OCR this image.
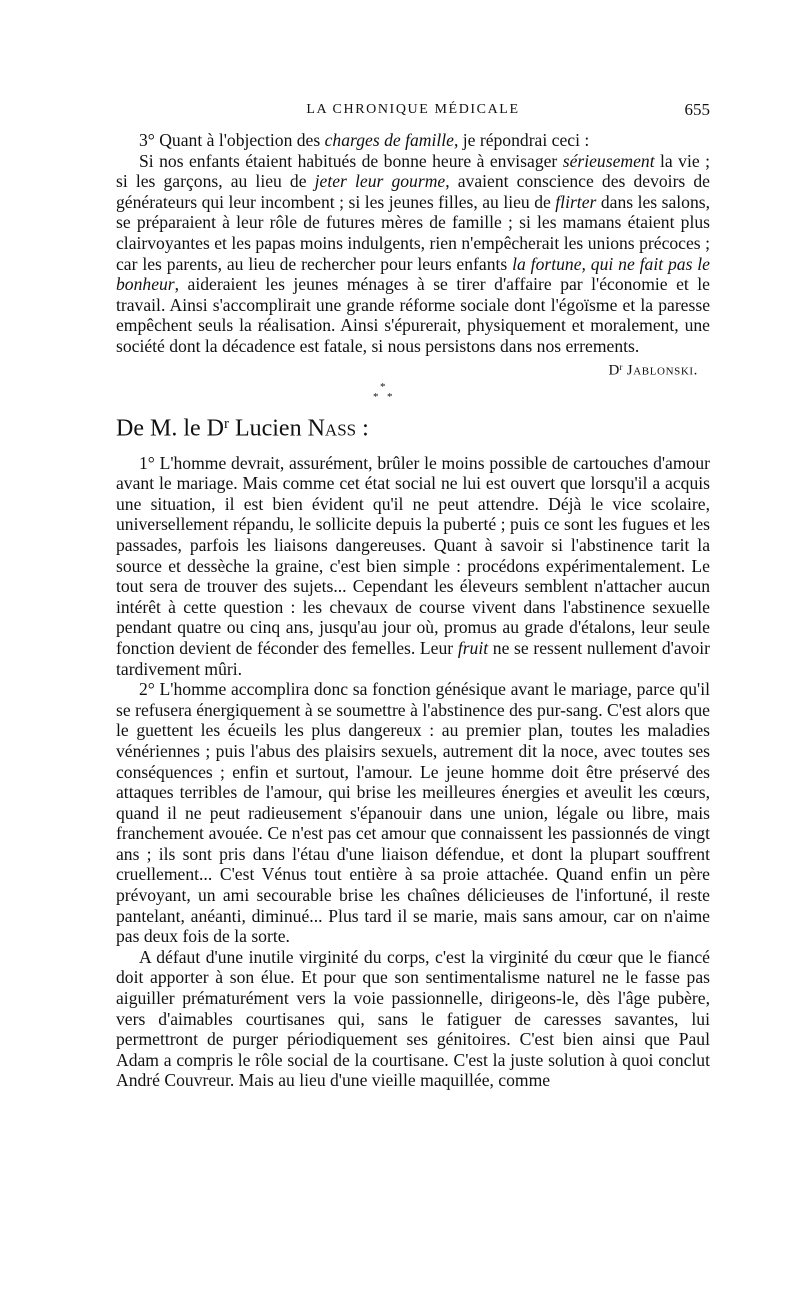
LA CHRONIQUE MÉDICALE	655

3° Quant à l'objection des charges de famille, je répondrai ceci :

Si nos enfants étaient habitués de bonne heure à envisager sérieusement la vie ; si les garçons, au lieu de jeter leur gourme, avaient conscience des devoirs de générateurs qui leur incombent ; si les jeunes filles, au lieu de flirter dans les salons, se préparaient à leur rôle de futures mères de famille ; si les mamans étaient plus clairvoyantes et les papas moins indulgents, rien n'empêcherait les unions précoces ; car les parents, au lieu de rechercher pour leurs enfants la fortune, qui ne fait pas le bonheur, aideraient les jeunes ménages à se tirer d'affaire par l'économie et le travail. Ainsi s'accomplirait une grande réforme sociale dont l'égoïsme et la paresse empêchent seuls la réalisation. Ainsi s'épurerait, physiquement et moralement, une société dont la décadence est fatale, si nous persistons dans nos errements.

$D^r$ Jablonski.

*
* *
De M. le $D^r$ Lucien Nass :

1° L'homme devrait, assurément, brûler le moins possible de cartouches d'amour avant le mariage. Mais comme cet état social ne lui est ouvert que lorsqu'il a acquis une situation, il est bien évident qu'il ne peut attendre. Déjà le vice scolaire, universellement répandu, le sollicite depuis la puberté ; puis ce sont les fugues et les passades, parfois les liaisons dangereuses. Quant à savoir si l'abstinence tarit la source et dessèche la graine, c'est bien simple : procédons expérimentalement. Le tout sera de trouver des sujets... Cependant les éleveurs semblent n'attacher aucun intérêt à cette question : les chevaux de course vivent dans l'abstinence sexuelle pendant quatre ou cinq ans, jusqu'au jour où, promus au grade d'étalons, leur seule fonction devient de féconder des femelles. Leur fruit ne se ressent nullement d'avoir tardivement mûri.

2° L'homme accomplira donc sa fonction génésique avant le mariage, parce qu'il se refusera énergiquement à se soumettre à l'abstinence des pur-sang. C'est alors que le guettent les écueils les plus dangereux : au premier plan, toutes les maladies vénériennes ; puis l'abus des plaisirs sexuels, autrement dit la noce, avec toutes ses conséquences ; enfin et surtout, l'amour. Le jeune homme doit être préservé des attaques terribles de l'amour, qui brise les meilleures énergies et aveulit les cœurs, quand il ne peut radieusement s'épanouir dans une union, légale ou libre, mais franchement avouée. Ce n'est pas cet amour que connaissent les passionnés de vingt ans ; ils sont pris dans l'étau d'une liaison défendue, et dont la plupart souffrent cruellement... C'est Vénus tout entière à sa proie attachée. Quand enfin un père prévoyant, un ami secourable brise les chaînes délicieuses de l'infortuné, il reste pantelant, anéanti, diminué... Plus tard il se marie, mais sans amour, car on n'aime pas deux fois de la sorte.

A défaut d'une inutile virginité du corps, c'est la virginité du cœur que le fiancé doit apporter à son élue. Et pour que son sentimentalisme naturel ne le fasse pas aiguiller prématurément vers la voie passionnelle, dirigeons-le, dès l'âge pubère, vers d'aimables courtisanes qui, sans le fatiguer de caresses savantes, lui permettront de purger périodiquement ses génitoires. C'est bien ainsi que Paul Adam a compris le rôle social de la courtisane. C'est la juste solution à quoi conclut André Couvreur. Mais au lieu d'une vieille maquillée, comme
